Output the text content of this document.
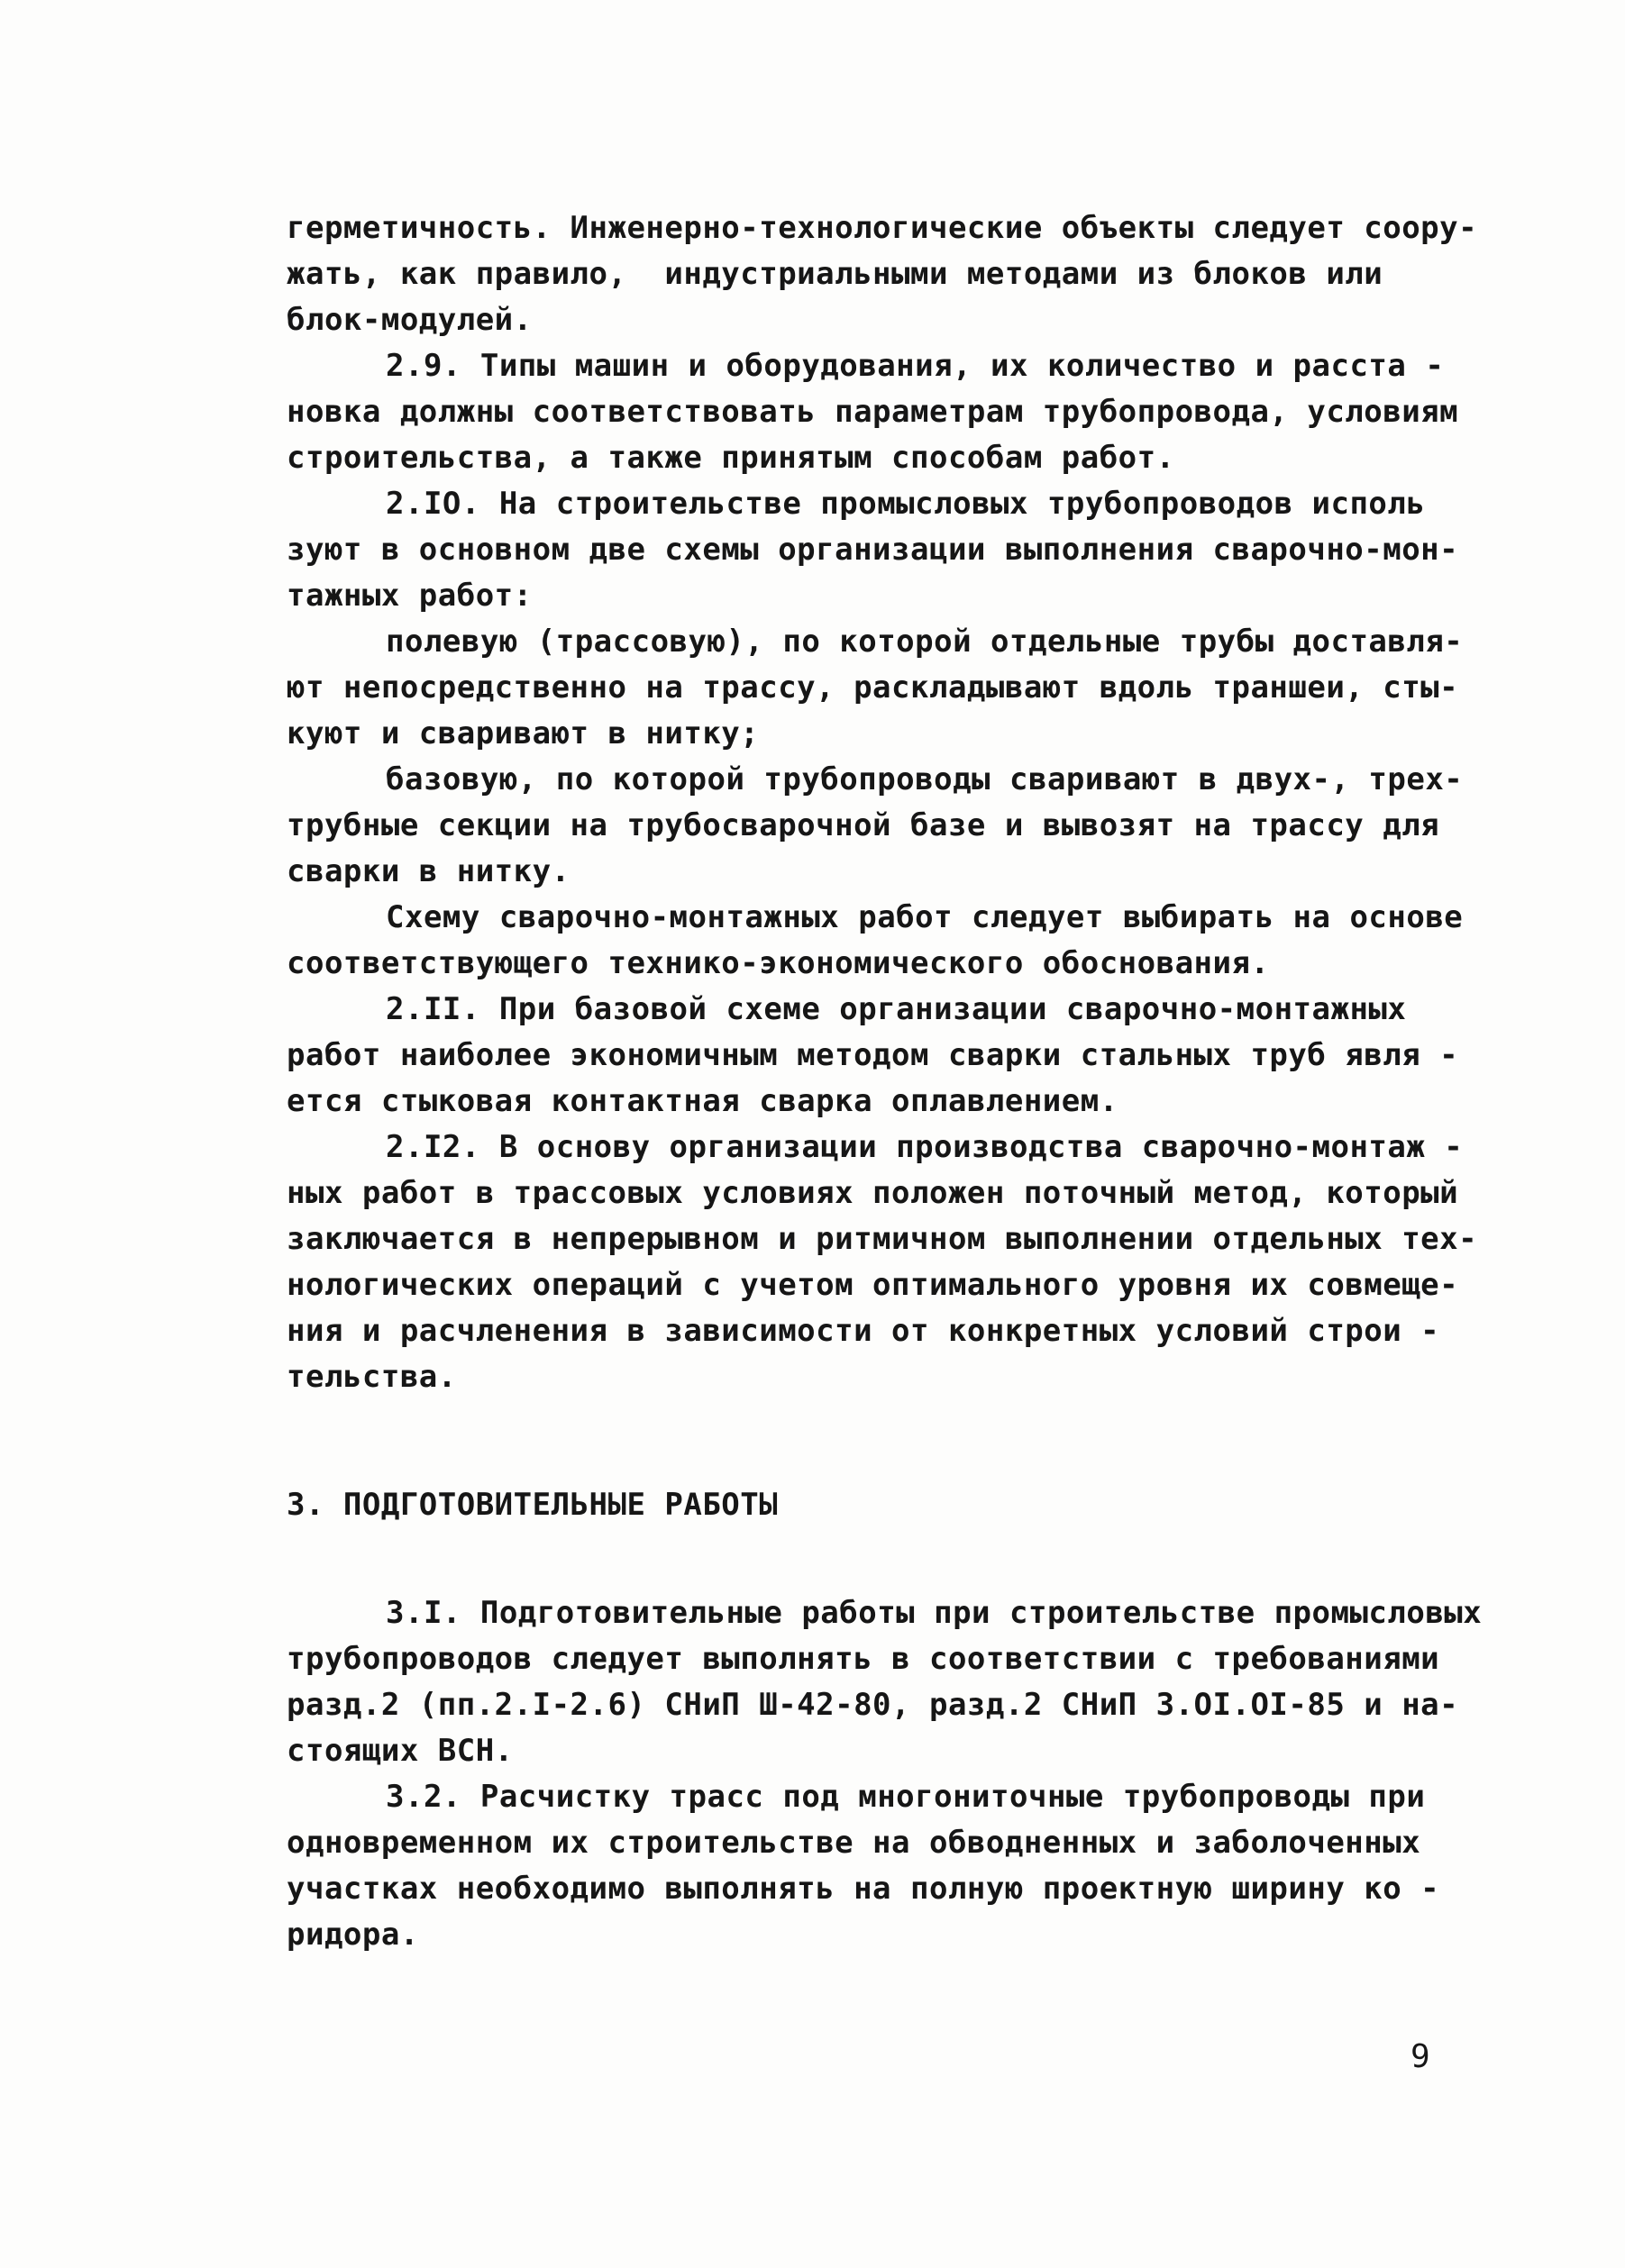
герметичность. Инженерно-технологические объекты следует соору-
жать, как правило,  индустриальными методами из блоков или
блок-модулей.
2.9. Типы машин и оборудования, их количество и расста -
новка должны соответствовать параметрам трубопровода, условиям
строительства, а также принятым способам работ.
2.IO. На строительстве промысловых трубопроводов исполь
зуют в основном две схемы организации выполнения сварочно-мон-
тажных работ:
полевую (трассовую), по которой отдельные трубы доставля-
ют непосредственно на трассу, раскладывают вдоль траншеи, сты-
куют и сваривают в нитку;
базовую, по которой трубопроводы сваривают в двух-, трех-
трубные секции на трубосварочной базе и вывозят на трассу для
сварки в нитку.
Схему сварочно-монтажных работ следует выбирать на основе
соответствующего технико-экономического обоснования.
2.II. При базовой схеме организации сварочно-монтажных
работ наиболее экономичным методом сварки стальных труб явля -
ется стыковая контактная сварка оплавлением.
2.I2. В основу организации производства сварочно-монтаж -
ных работ в трассовых условиях положен поточный метод, который
заключается в непрерывном и ритмичном выполнении отдельных тех-
нологических операций с учетом оптимального уровня их совмеще-
ния и расчленения в зависимости от конкретных условий строи -
тельства.
3. ПОДГОТОВИТЕЛЬНЫЕ РАБОТЫ
3.I. Подготовительные работы при строительстве промысловых
трубопроводов следует выполнять в соответствии с требованиями
разд.2 (пп.2.I-2.6) СНиП Ш-42-80, разд.2 СНиП 3.OI.OI-85 и на-
стоящих ВСН.
3.2. Расчистку трасс под многониточные трубопроводы при
одновременном их строительстве на обводненных и заболоченных
участках необходимо выполнять на полную проектную ширину ко -
ридора.
9
